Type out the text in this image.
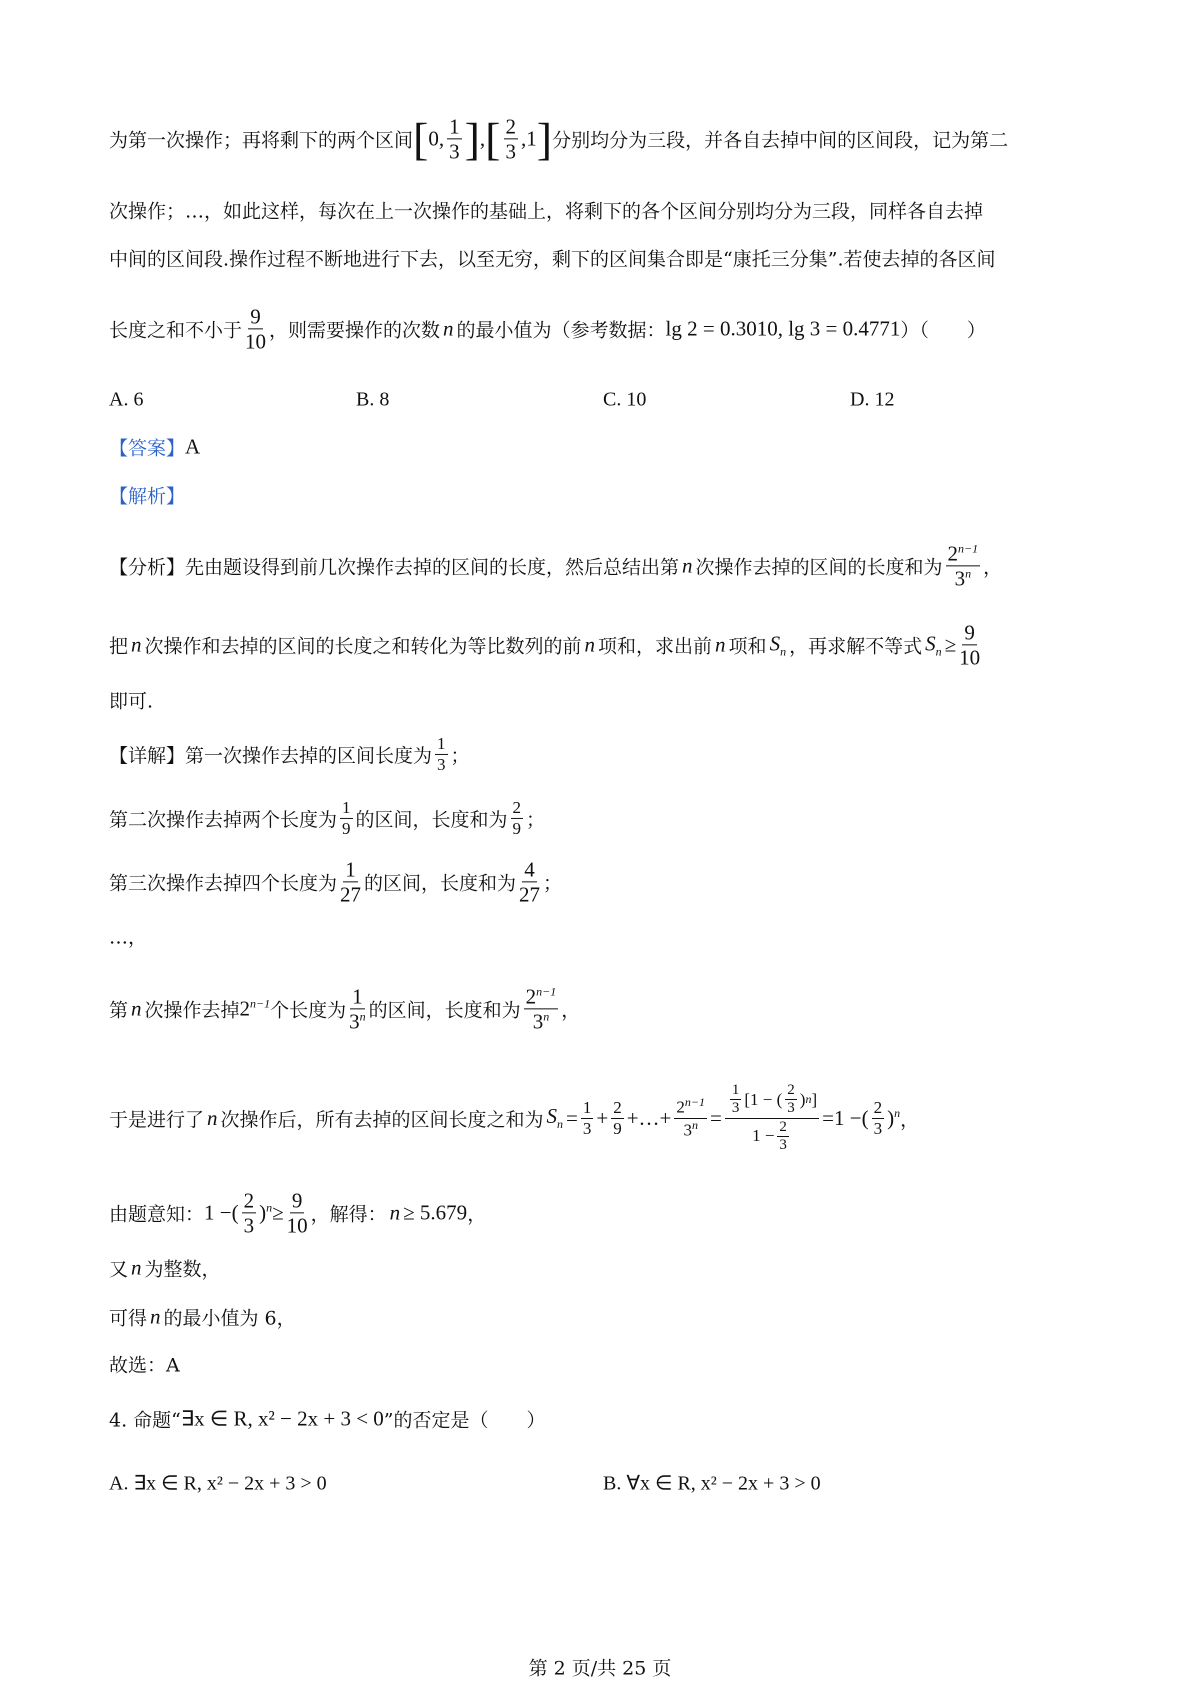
为第一次操作；再将剩下的两个区间 [ 0,
1
3 ] , [ 2
3
,1 ] 分别均分为三段，并各自去掉中间的区间段，记为第二
次操作；…，如此这样，每次在上一次操作的基础上，将剩下的各个区间分别均分为三段，同样各自去掉
中间的区间段.操作过程不断地进行下去，以至无穷，剩下的区间集合即是“康托三分集”.若使去掉的各区间
长度之和不小于
9
10 ，则需要操作的次数 n 的最小值为（参考数据： lg 2 = 0.3010, lg 3 = 0.4771 ）（　　）
A. 6	B. 8	C. 10	D. 12
【答案】 A
【解析】
【分析】 先由题设得到前几次操作去掉的区间的长度，然后总结出第 n 次操作去掉的区间的长度和为
$2^{n-1}$
3$^n$ ，
把 n 次操作和去掉的区间的长度之和转化为等比数列的前 n 项和，求出前 n 项和 $S_n$ ，再求解不等式 $S_n \ge \frac{9}{10}$
即可.
【详解】 第一次操作去掉的区间长度为
1
3 ；
第二次操作去掉两个长度为
1
9 的区间，长度和为
2
9 ；
第三次操作去掉四个长度为
1
27 的区间，长度和为
4
27 ；
…，
第 n 次操作去掉 $2^{n-1}$ 个长度为
1
3$^n$ 的区间，长度和为
$2^{n-1}$
3$^n$ ，
于是进行了 n 次操作后，所有去掉的区间长度之和为 $S_n = \frac{1}{3} + \frac{2}{9}$ +…+ $\frac{2^{n-1}}{3^n} = 1$
3 [1 − ( 2
3 ) n ]
$1 - \frac{2}{3} = 1$ − ( 2
3 )$^n$ ，
由题意知： 1 − (
2
3
)$^n \ge \frac{9}{10}$ ，解得： n ≥ 5.679 ，
又 n 为整数，
可得 n 的最小值为 6，
故选：A
4. 命题“ ∃x ∈ R, x² − 2x + 3 < 0 ”的否定是（　　）
A. ∃x ∈ R, x² − 2x + 3 > 0	B. ∀x ∈ R, x² − 2x + 3 > 0
第 2 页/共 25 页
